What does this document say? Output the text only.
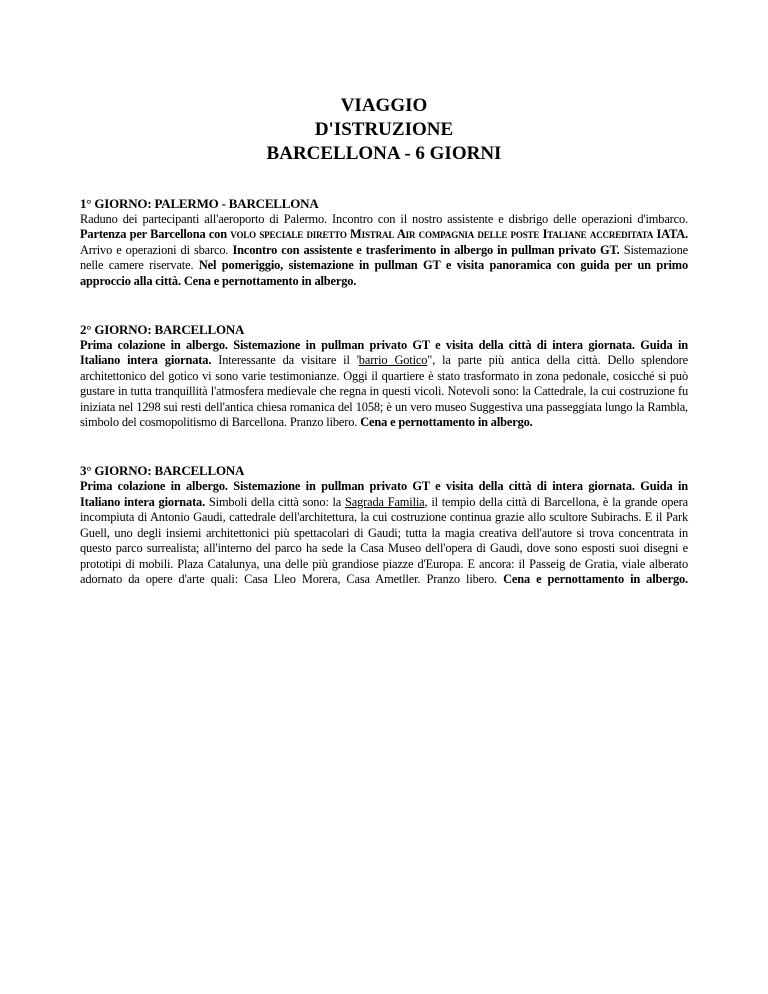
VIAGGIO
D'ISTRUZIONE
BARCELLONA - 6 GIORNI

1° GIORNO: PALERMO - BARCELLONA

Raduno dei partecipanti all'aeroporto di Palermo. Incontro con il nostro assistente e disbrigo delle operazioni d'imbarco. Partenza per Barcellona con volo speciale diretto Mistral Air compagnia delle poste Italiane accreditata IATA. Arrivo e operazioni di sbarco. Incontro con assistente e trasferimento in albergo in pullman privato GT. Sistemazione nelle camere riservate. Nel pomeriggio, sistemazione in pullman GT e visita panoramica con guida per un primo approccio alla città. Cena e pernottamento in albergo.

2° GIORNO: BARCELLONA

Prima colazione in albergo. Sistemazione in pullman privato GT e visita della città di intera giornata. Guida in Italiano intera giornata. Interessante da visitare il 'barrio Gotico", la parte più antica della città. Dello splendore architettonico del gotico vi sono varie testimonianze. Oggi il quartiere è stato trasformato in zona pedonale, cosicché si può gustare in tutta tranquillità l'atmosfera medievale che regna in questi vicoli. Notevoli sono: la Cattedrale, la cui costruzione fu iniziata nel 1298 sui resti dell'antica chiesa romanica del 1058; è un vero museo Suggestiva una passeggiata lungo la Rambla, simbolo del cosmopolitismo di Barcellona. Pranzo libero. Cena e pernottamento in albergo.

3° GIORNO: BARCELLONA

Prima colazione in albergo. Sistemazione in pullman privato GT e visita della città di intera giornata. Guida in Italiano intera giornata. Simboli della città sono: la Sagrada Familia, il tempio della città di Barcellona, è la grande opera incompiuta di Antonio Gaudi, cattedrale dell'architettura, la cui costruzione continua grazie allo scultore Subirachs. E il Park Guell, uno degli insiemi architettonici più spettacolari di Gaudi; tutta la magia creativa dell'autore si trova concentrata in questo parco surrealista; all'interno del parco ha sede la Casa Museo dell'opera di Gaudi, dove sono esposti suoi disegni e prototipi di mobili. Plaza Catalunya, una delle più grandiose piazze d'Europa. E ancora: il Passeig de Gratia, viale alberato adornato da opere d'arte quali: Casa Lleo Morera, Casa Ametller. Pranzo libero. Cena e pernottamento in albergo.
